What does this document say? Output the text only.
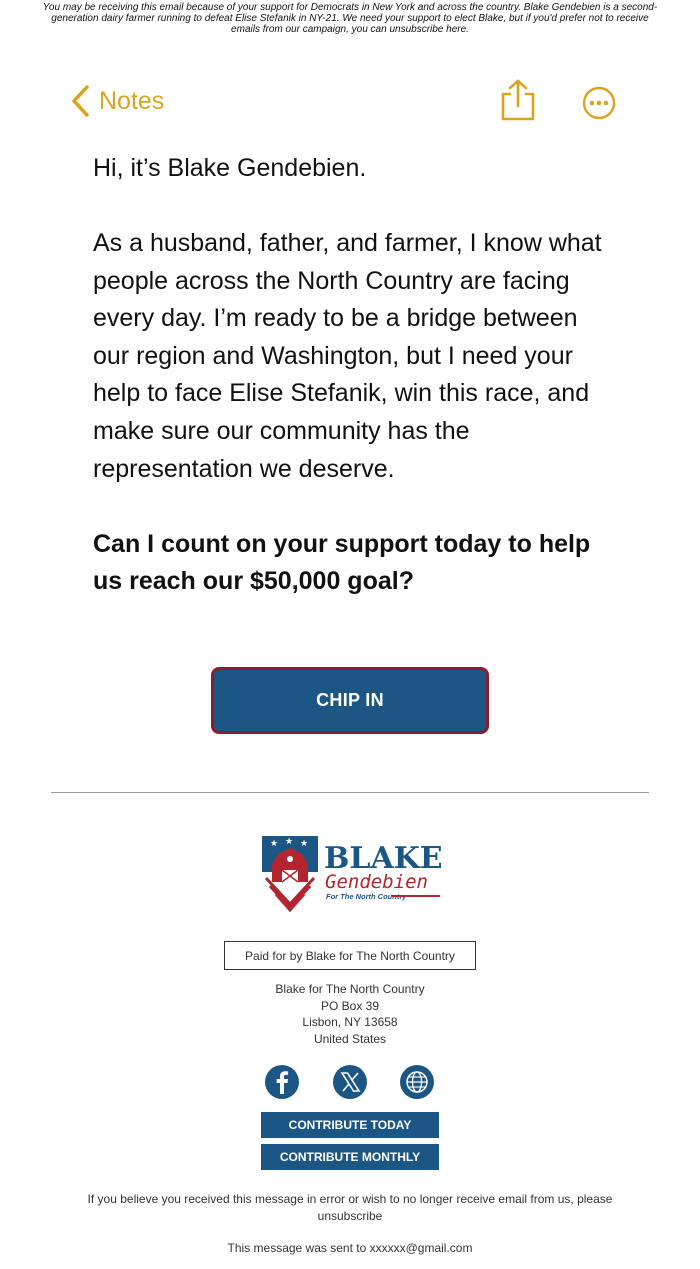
You may be receiving this email because of your support for Democrats in New York and across the country. Blake Gendebien is a second-generation dairy farmer running to defeat Elise Stefanik in NY-21. We need your support to elect Blake, but if you'd prefer not to receive emails from our campaign, you can unsubscribe here.
Notes

Hi, it’s Blake Gendebien.

As a husband, father, and farmer, I know what people across the North Country are facing every day. I’m ready to be a bridge between our region and Washington, but I need your help to face Elise Stefanik, win this race, and make sure our community has the representation we deserve.

Can I count on your support today to help us reach our $50,000 goal?

CHIP IN
★ ★ ★ BLAKE
Gendebien
For The North Country
Paid for by Blake for The North Country
Blake for The North Country
PO Box 39
Lisbon, NY 13658
United States
CONTRIBUTE TODAY
CONTRIBUTE MONTHLY
If you believe you received this message in error or wish to no longer receive email from us, please
unsubscribe
This message was sent to xxxxxx@gmail.com
